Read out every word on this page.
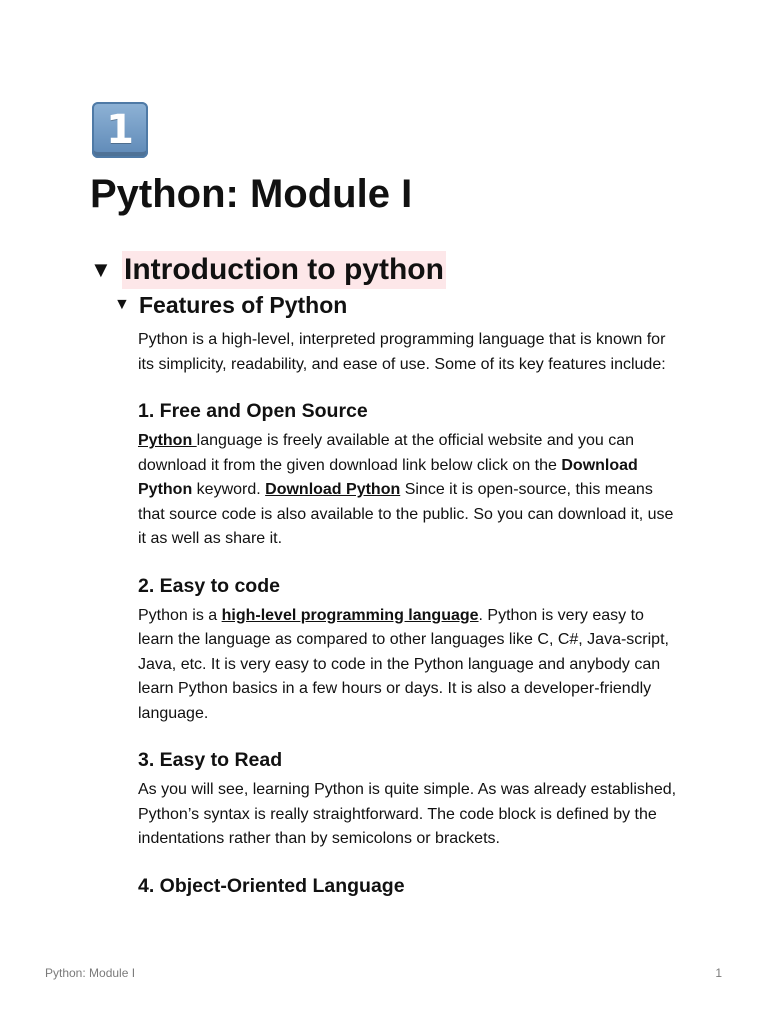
1
Python: Module I
▼ Introduction to python
▼ Features of Python

Python is a high-level, interpreted programming language that is known for its simplicity, readability, and ease of use. Some of its key features include:

1. Free and Open Source

Python language is freely available at the official website and you can download it from the given download link below click on the Download Python keyword. Download Python Since it is open-source, this means that source code is also available to the public. So you can download it, use it as well as share it.

2. Easy to code

Python is a high-level programming language. Python is very easy to learn the language as compared to other languages like C, C#, Java-script, Java, etc. It is very easy to code in the Python language and anybody can learn Python basics in a few hours or days. It is also a developer-friendly language.

3. Easy to Read

As you will see, learning Python is quite simple. As was already established, Python’s syntax is really straightforward. The code block is defined by the indentations rather than by semicolons or brackets.

4. Object-Oriented Language
Python: Module I	1
